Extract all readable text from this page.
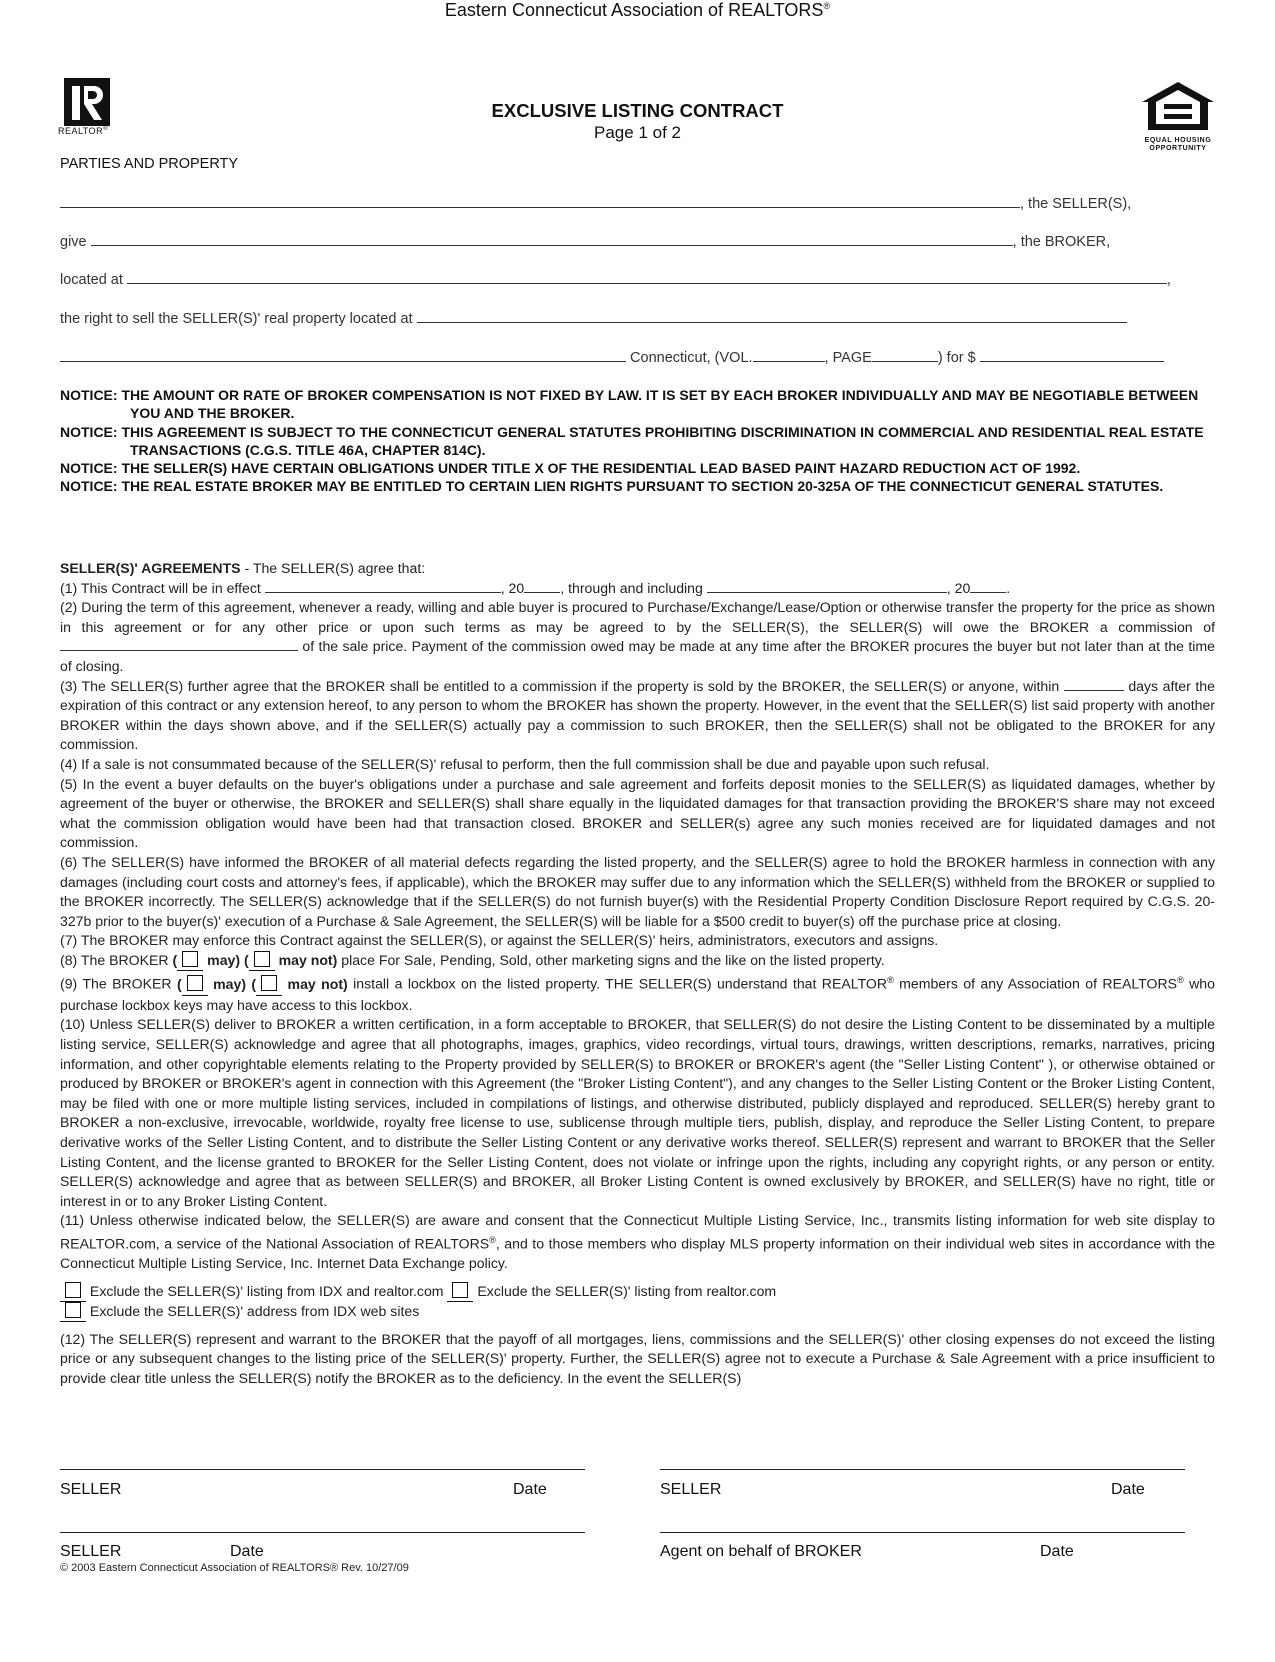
REALTOR®
Eastern Connecticut Association of REALTORS®
EXCLUSIVE LISTING CONTRACT
Page 1 of 2	EQUAL HOUSING
OPPORTUNITY
PARTIES AND PROPERTY
, the SELLER(S),
give	, the BROKER,
located at	,
the right to sell the SELLER(S)' real property located at
Connecticut, (VOL.	, PAGE	) for $
NOTICE: THE AMOUNT OR RATE OF BROKER COMPENSATION IS NOT FIXED BY LAW. IT IS SET BY EACH BROKER INDIVIDUALLY AND MAY BE NEGOTIABLE BETWEEN YOU AND THE BROKER.
NOTICE: THIS AGREEMENT IS SUBJECT TO THE CONNECTICUT GENERAL STATUTES PROHIBITING DISCRIMINATION IN COMMERCIAL AND RESIDENTIAL REAL ESTATE TRANSACTIONS (C.G.S. TITLE 46A, CHAPTER 814C).
NOTICE: THE SELLER(S) HAVE CERTAIN OBLIGATIONS UNDER TITLE X OF THE RESIDENTIAL LEAD BASED PAINT HAZARD REDUCTION ACT OF 1992.
NOTICE: THE REAL ESTATE BROKER MAY BE ENTITLED TO CERTAIN LIEN RIGHTS PURSUANT TO SECTION 20-325A OF THE CONNECTICUT GENERAL STATUTES.

SELLER(S)' AGREEMENTS - The SELLER(S) agree that:

(1) This Contract will be in effect	, 20	, through and including	, 20	.

(2) During the term of this agreement, whenever a ready, willing and able buyer is procured to Purchase/Exchange/Lease/Option or otherwise transfer the property for the price as shown in this agreement or for any other price or upon such terms as may be agreed to by the SELLER(S), the SELLER(S) will owe the BROKER a commission of  of the sale price. Payment of the commission owed may be made at any time after the BROKER procures the buyer but not later than at the time of closing.

(3) The SELLER(S) further agree that the BROKER shall be entitled to a commission if the property is sold by the BROKER, the SELLER(S) or anyone, within	days after the expiration of this contract or any extension hereof, to any person to whom the BROKER has shown the property. However, in the event that the SELLER(S) list said property with another BROKER within the days shown above, and if the SELLER(S) actually pay a commission to such BROKER, then the SELLER(S) shall not be obligated to the BROKER for any commission.

(4) If a sale is not consummated because of the SELLER(S)' refusal to perform, then the full commission shall be due and payable upon such refusal.

(5) In the event a buyer defaults on the buyer's obligations under a purchase and sale agreement and forfeits deposit monies to the SELLER(S) as liquidated damages, whether by agreement of the buyer or otherwise, the BROKER and SELLER(S) shall share equally in the liquidated damages for that transaction providing the BROKER'S share may not exceed what the commission obligation would have been had that transaction closed. BROKER and SELLER(s) agree any such monies received are for liquidated damages and not commission.

(6) The SELLER(S) have informed the BROKER of all material defects regarding the listed property, and the SELLER(S) agree to hold the BROKER harmless in connection with any damages (including court costs and attorney's fees, if applicable), which the BROKER may suffer due to any information which the SELLER(S) withheld from the BROKER or supplied to the BROKER incorrectly. The SELLER(S) acknowledge that if the SELLER(S) do not furnish buyer(s) with the Residential Property Condition Disclosure Report required by C.G.S. 20-327b prior to the buyer(s)' execution of a Purchase & Sale Agreement, the SELLER(S) will be liable for a $500 credit to buyer(s) off the purchase price at closing.

(7) The BROKER may enforce this Contract against the SELLER(S), or against the SELLER(S)' heirs, administrators, executors and assigns.

(8) The BROKER ( may) ( may not) place For Sale, Pending, Sold, other marketing signs and the like on the listed property.

(9) The BROKER ( may) ( may not) install a lockbox on the listed property. THE SELLER(S) understand that REALTOR® members of any Association of REALTORS® who purchase lockbox keys may have access to this lockbox.

(10) Unless SELLER(S) deliver to BROKER a written certification, in a form acceptable to BROKER, that SELLER(S) do not desire the Listing Content to be disseminated by a multiple listing service, SELLER(S) acknowledge and agree that all photographs, images, graphics, video recordings, virtual tours, drawings, written descriptions, remarks, narratives, pricing information, and other copyrightable elements relating to the Property provided by SELLER(S) to BROKER or BROKER's agent (the "Seller Listing Content" ), or otherwise obtained or produced by BROKER or BROKER's agent in connection with this Agreement (the "Broker Listing Content"), and any changes to the Seller Listing Content or the Broker Listing Content, may be filed with one or more multiple listing services, included in compilations of listings, and otherwise distributed, publicly displayed and reproduced. SELLER(S) hereby grant to BROKER a non-exclusive, irrevocable, worldwide, royalty free license to use, sublicense through multiple tiers, publish, display, and reproduce the Seller Listing Content, to prepare derivative works of the Seller Listing Content, and to distribute the Seller Listing Content or any derivative works thereof. SELLER(S) represent and warrant to BROKER that the Seller Listing Content, and the license granted to BROKER for the Seller Listing Content, does not violate or infringe upon the rights, including any copyright rights, or any person or entity. SELLER(S) acknowledge and agree that as between SELLER(S) and BROKER, all Broker Listing Content is owned exclusively by BROKER, and SELLER(S) have no right, title or interest in or to any Broker Listing Content.

(11) Unless otherwise indicated below, the SELLER(S) are aware and consent that the Connecticut Multiple Listing Service, Inc., transmits listing information for web site display to REALTOR.com, a service of the National Association of REALTORS®, and to those members who display MLS property information on their individual web sites in accordance with the Connecticut Multiple Listing Service, Inc. Internet Data Exchange policy.

Exclude the SELLER(S)' listing from IDX and realtor.com Exclude the SELLER(S)' listing from realtor.com
Exclude the SELLER(S)' address from IDX web sites

(12) The SELLER(S) represent and warrant to the BROKER that the payoff of all mortgages, liens, commissions and the SELLER(S)' other closing expenses do not exceed the listing price or any subsequent changes to the listing price of the SELLER(S)' property. Further, the SELLER(S) agree not to execute a Purchase & Sale Agreement with a price insufficient to provide clear title unless the SELLER(S) notify the BROKER as to the deficiency. In the event the SELLER(S)

SELLER	Date	SELLER	Date
SELLER	Date	Agent on behalf of BROKER	Date
© 2003 Eastern Connecticut Association of REALTORS® Rev. 10/27/09
